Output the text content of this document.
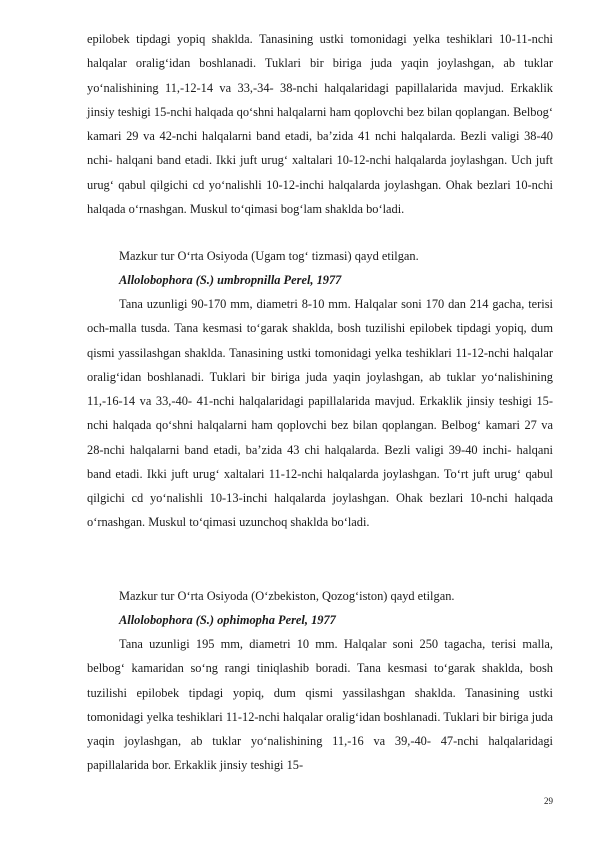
epilobek tipdagi yopiq shaklda. Tanasining ustki tomonidagi yelka teshiklari 10-11-nchi halqalar oralig‘idan boshlanadi. Tuklari bir biriga juda yaqin joylashgan, ab tuklar yo‘nalishining 11,-12-14 va 33,-34- 38-nchi halqalaridagi papillalarida mavjud. Erkaklik jinsiy teshigi 15-nchi halqada qo‘shni halqalarni ham qoplovchi bez bilan qoplangan. Belbog‘ kamari 29 va 42-nchi halqalarni band etadi, ba’zida 41 nchi halqalarda. Bezli valigi 38-40 nchi- halqani band etadi. Ikki juft urug‘ xaltalari 10-12-nchi halqalarda joylashgan. Uch juft urug‘ qabul qilgichi cd yo‘nalishli 10-12-inchi halqalarda joylashgan. Ohak bezlari 10-nchi halqada o‘rnashgan. Muskul to‘qimasi bog‘lam shaklda bo‘ladi.

Mazkur tur O‘rta Osiyoda (Ugam tog‘ tizmasi) qayd etilgan.

Allolobophora (S.) umbropnilla Perel, 1977

Tana uzunligi 90-170 mm, diametri 8-10 mm. Halqalar soni 170 dan 214 gacha, terisi och-malla tusda. Tana kesmasi to‘garak shaklda, bosh tuzilishi epilobek tipdagi yopiq, dum qismi yassilashgan shaklda. Tanasining ustki tomonidagi yelka teshiklari 11-12-nchi halqalar oralig‘idan boshlanadi. Tuklari bir biriga juda yaqin joylashgan, ab tuklar yo‘nalishining 11,-16-14 va 33,-40- 41-nchi halqalaridagi papillalarida mavjud. Erkaklik jinsiy teshigi 15-nchi halqada qo‘shni halqalarni ham qoplovchi bez bilan qoplangan. Belbog‘ kamari 27 va 28-nchi halqalarni band etadi, ba’zida 43 chi halqalarda. Bezli valigi 39-40 inchi- halqani band etadi. Ikki juft urug‘ xaltalari 11-12-nchi halqalarda joylashgan. To‘rt juft urug‘ qabul qilgichi cd yo‘nalishli 10-13-inchi halqalarda joylashgan. Ohak bezlari 10-nchi halqada o‘rnashgan. Muskul to‘qimasi uzunchoq shaklda bo‘ladi.

Mazkur tur O‘rta Osiyoda (O‘zbekiston, Qozog‘iston) qayd etilgan.

Allolobophora (S.) ophimopha Perel, 1977

Tana uzunligi 195 mm, diametri 10 mm. Halqalar soni 250 tagacha, terisi malla, belbog‘ kamaridan so‘ng rangi tiniqlashib boradi. Tana kesmasi to‘garak shaklda, bosh tuzilishi epilobek tipdagi yopiq, dum qismi yassilashgan shaklda. Tanasining ustki tomonidagi yelka teshiklari 11-12-nchi halqalar oralig‘idan boshlanadi. Tuklari bir biriga juda yaqin joylashgan, ab tuklar yo‘nalishining 11,-16 va 39,-40- 47-nchi halqalaridagi papillalarida bor. Erkaklik jinsiy teshigi 15-

29
